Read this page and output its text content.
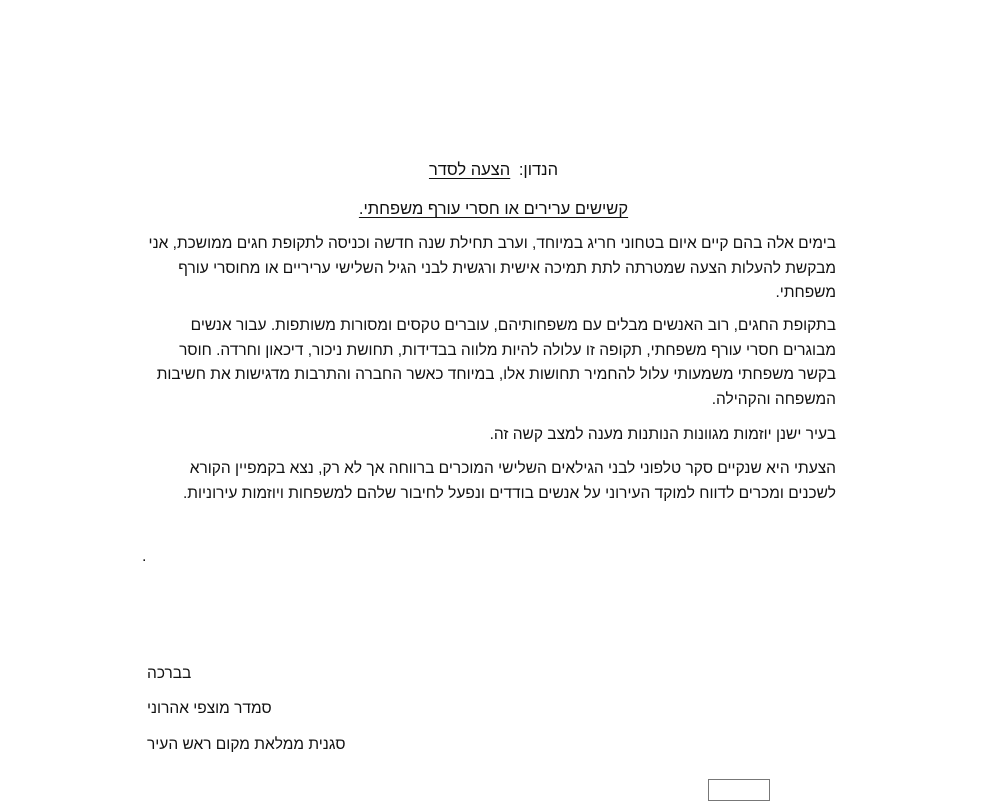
הנדון: הצעה לסדר
קשישים ערירים או חסרי עורף משפחתי.
בימים אלה בהם קיים איום בטחוני חריג במיוחד, וערב תחילת שנה חדשה וכניסה לתקופת חגים ממושכת, אני מבקשת להעלות הצעה שמטרתה לתת תמיכה אישית ורגשית לבני הגיל השלישי עריריים או מחוסרי עורף משפחתי.
בתקופת החגים, רוב האנשים מבלים עם משפחותיהם, עוברים טקסים ומסורות משותפות. עבור אנשים מבוגרים חסרי עורף משפחתי, תקופה זו עלולה להיות מלווה בבדידות, תחושת ניכור, דיכאון וחרדה. חוסר בקשר משפחתי משמעותי עלול להחמיר תחושות אלו, במיוחד כאשר החברה והתרבות מדגישות את חשיבות המשפחה והקהילה.
בעיר ישנן יוזמות מגוונות הנותנות מענה למצב קשה זה.
הצעתי היא שנקיים סקר טלפוני לבני הגילאים השלישי המוכרים ברווחה אך לא רק, נצא בקמפיין הקורא לשכנים ומכרים לדווח למוקד העירוני על אנשים בודדים ונפעל לחיבור שלהם למשפחות ויוזמות עירוניות.
.
בברכה
סמדר מוצפי אהרוני
סגנית ממלאת מקום ראש העיר
